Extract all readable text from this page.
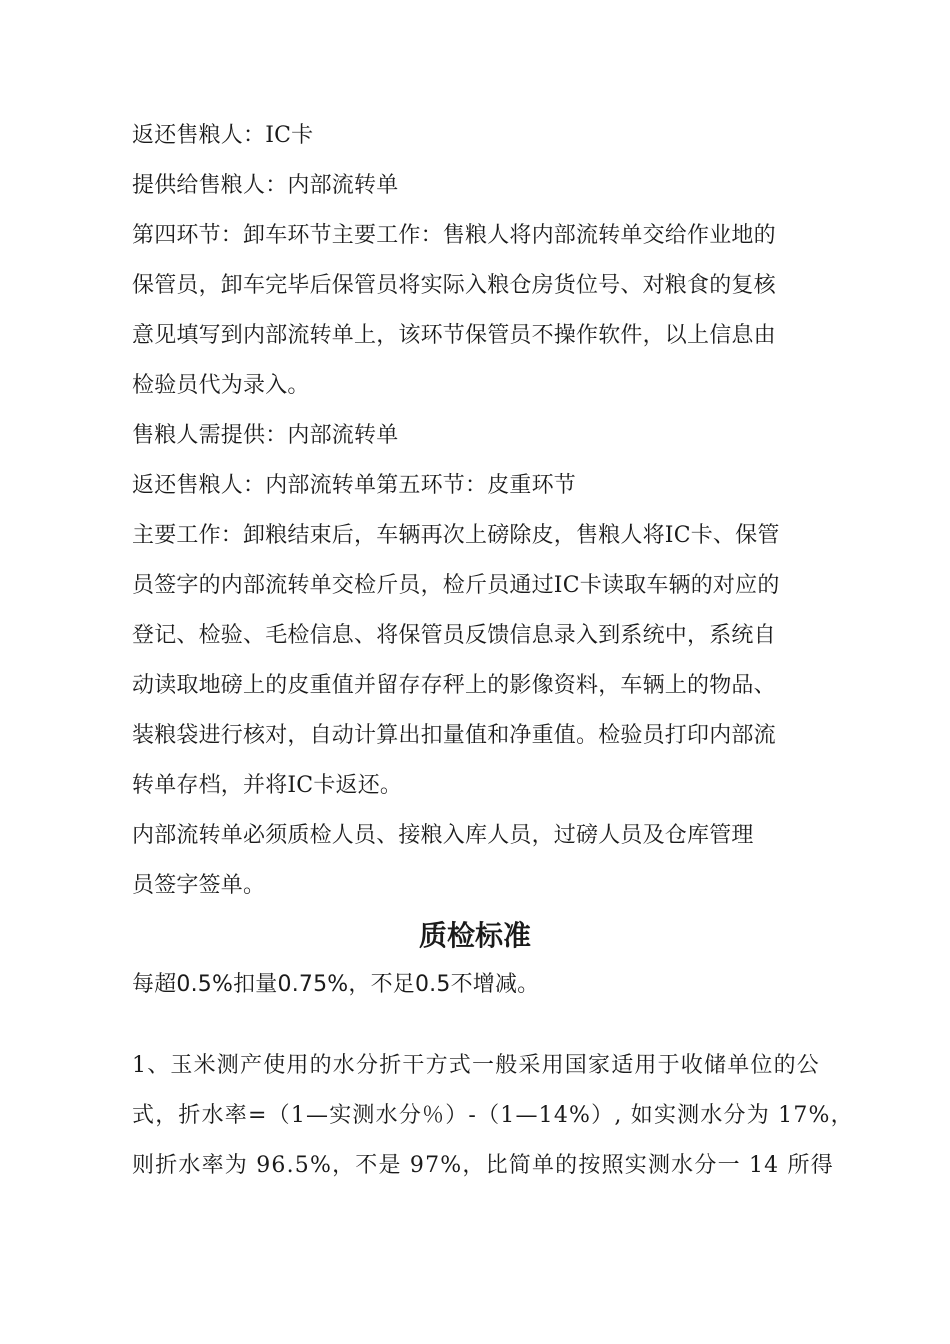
返还售粮人：IC卡

提供给售粮人：内部流转单

第四环节：卸车环节主要工作：售粮人将内部流转单交给作业地的

保管员，卸车完毕后保管员将实际入粮仓房货位号、对粮食的复核

意见填写到内部流转单上，该环节保管员不操作软件，以上信息由

检验员代为录入。

售粮人需提供：内部流转单

返还售粮人：内部流转单第五环节：皮重环节

主要工作：卸粮结束后，车辆再次上磅除皮，售粮人将IC卡、保管

员签字的内部流转单交检斤员，检斤员通过IC卡读取车辆的对应的

登记、检验、毛检信息、将保管员反馈信息录入到系统中，系统自

动读取地磅上的皮重值并留存存秤上的影像资料，车辆上的物品、

装粮袋进行核对，自动计算出扣量值和净重值。检验员打印内部流

转单存档，并将IC卡返还。

内部流转单必须质检人员、接粮入库人员，过磅人员及仓库管理

员签字签单。

质检标准

每超0.5%扣量0.75%，不足0.5不增减。

1、玉米测产使用的水分折干方式一般采用国家适用于收储单位的公

式，折水率=（1—实测水分％）-（1—14%）, 如实测水分为 17%，

则折水率为 96.5%，不是 97%，比简单的按照实测水分一 14 所得
